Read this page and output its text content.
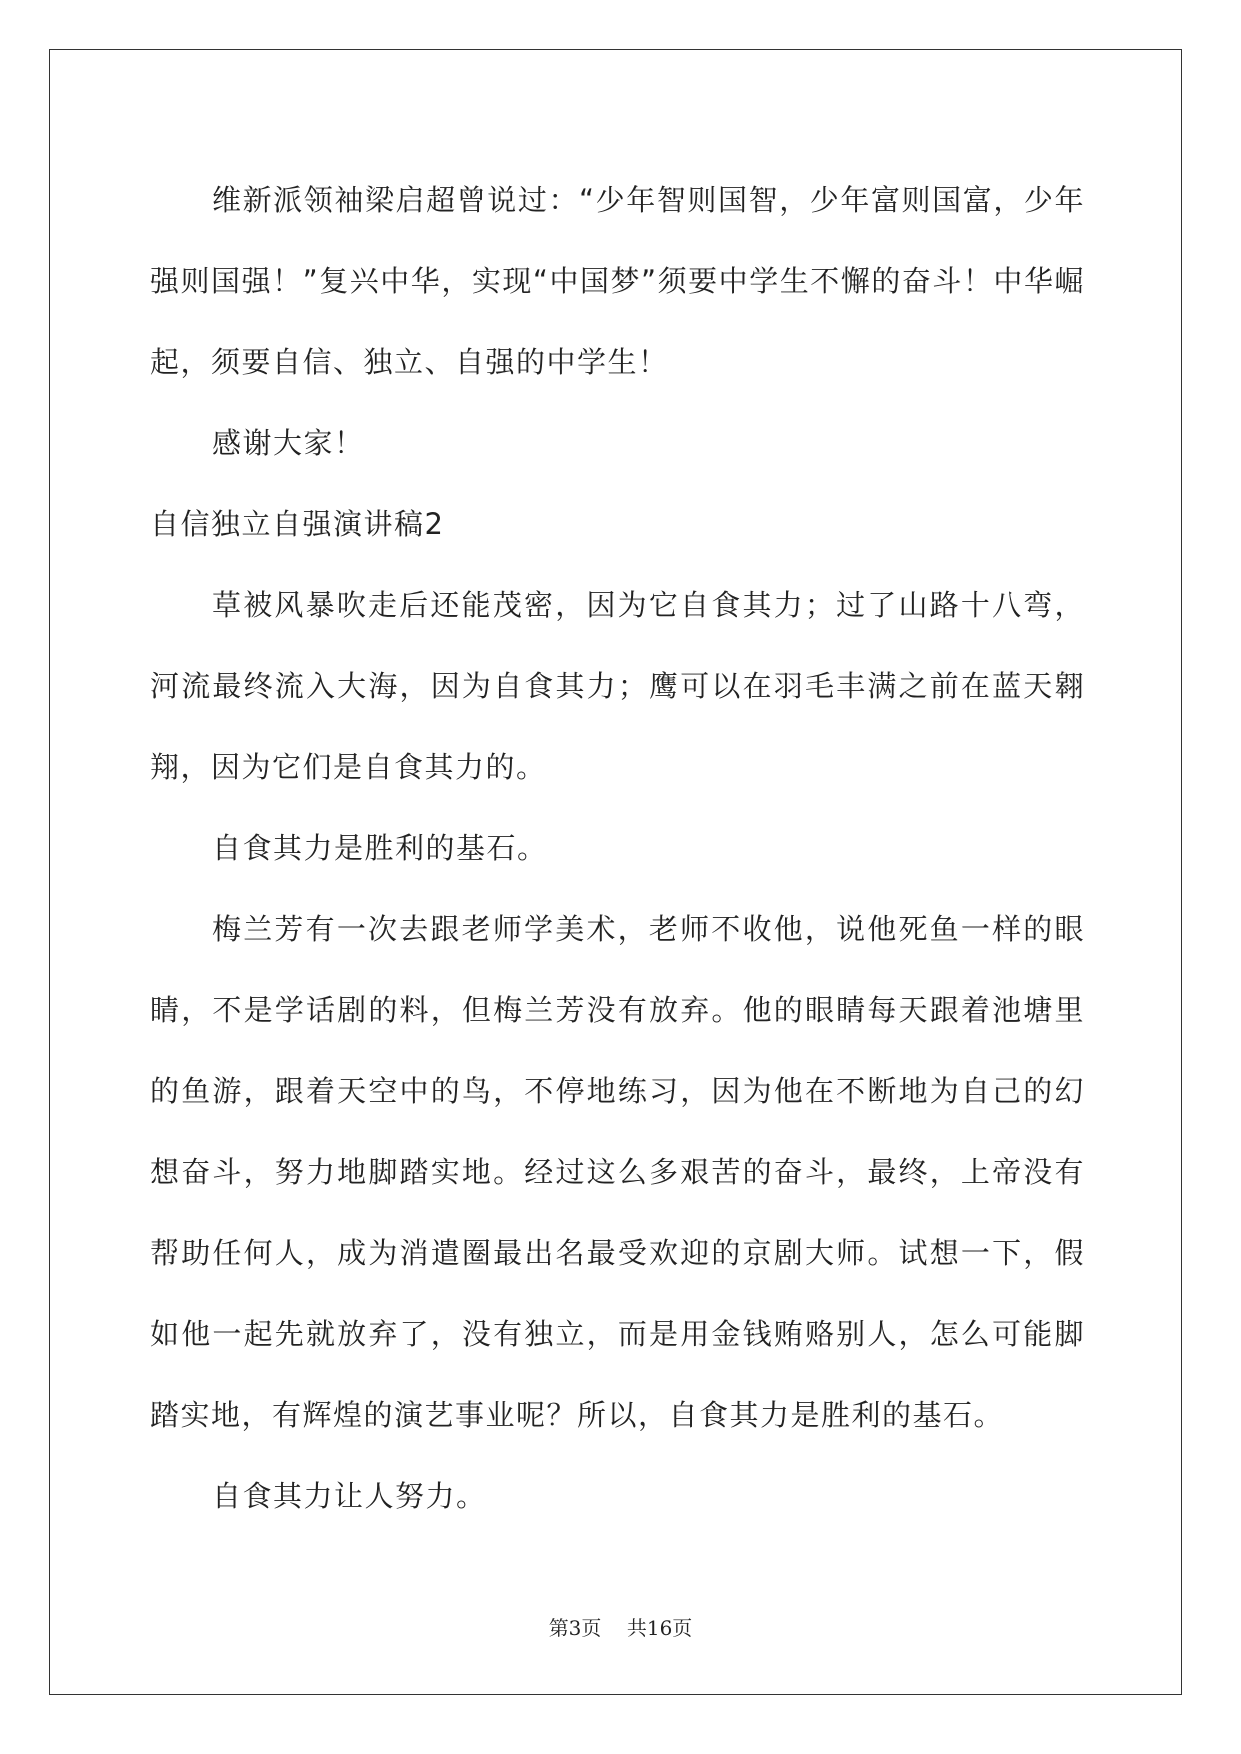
维新派领袖梁启超曾说过：“少年智则国智，少年富则国富，少年强则国强！”复兴中华，实现“中国梦”须要中学生不懈的奋斗！中华崛起，须要自信、独立、自强的中学生！

感谢大家！

自信独立自强演讲稿2

草被风暴吹走后还能茂密，因为它自食其力；过了山路十八弯，河流最终流入大海，因为自食其力；鹰可以在羽毛丰满之前在蓝天翱翔，因为它们是自食其力的。

自食其力是胜利的基石。

梅兰芳有一次去跟老师学美术，老师不收他，说他死鱼一样的眼睛，不是学话剧的料，但梅兰芳没有放弃。他的眼睛每天跟着池塘里的鱼游，跟着天空中的鸟，不停地练习，因为他在不断地为自己的幻想奋斗，努力地脚踏实地。经过这么多艰苦的奋斗，最终，上帝没有帮助任何人，成为消遣圈最出名最受欢迎的京剧大师。试想一下，假如他一起先就放弃了，没有独立，而是用金钱贿赂别人，怎么可能脚踏实地，有辉煌的演艺事业呢？所以，自食其力是胜利的基石。

自食其力让人努力。

第3页    共16页
